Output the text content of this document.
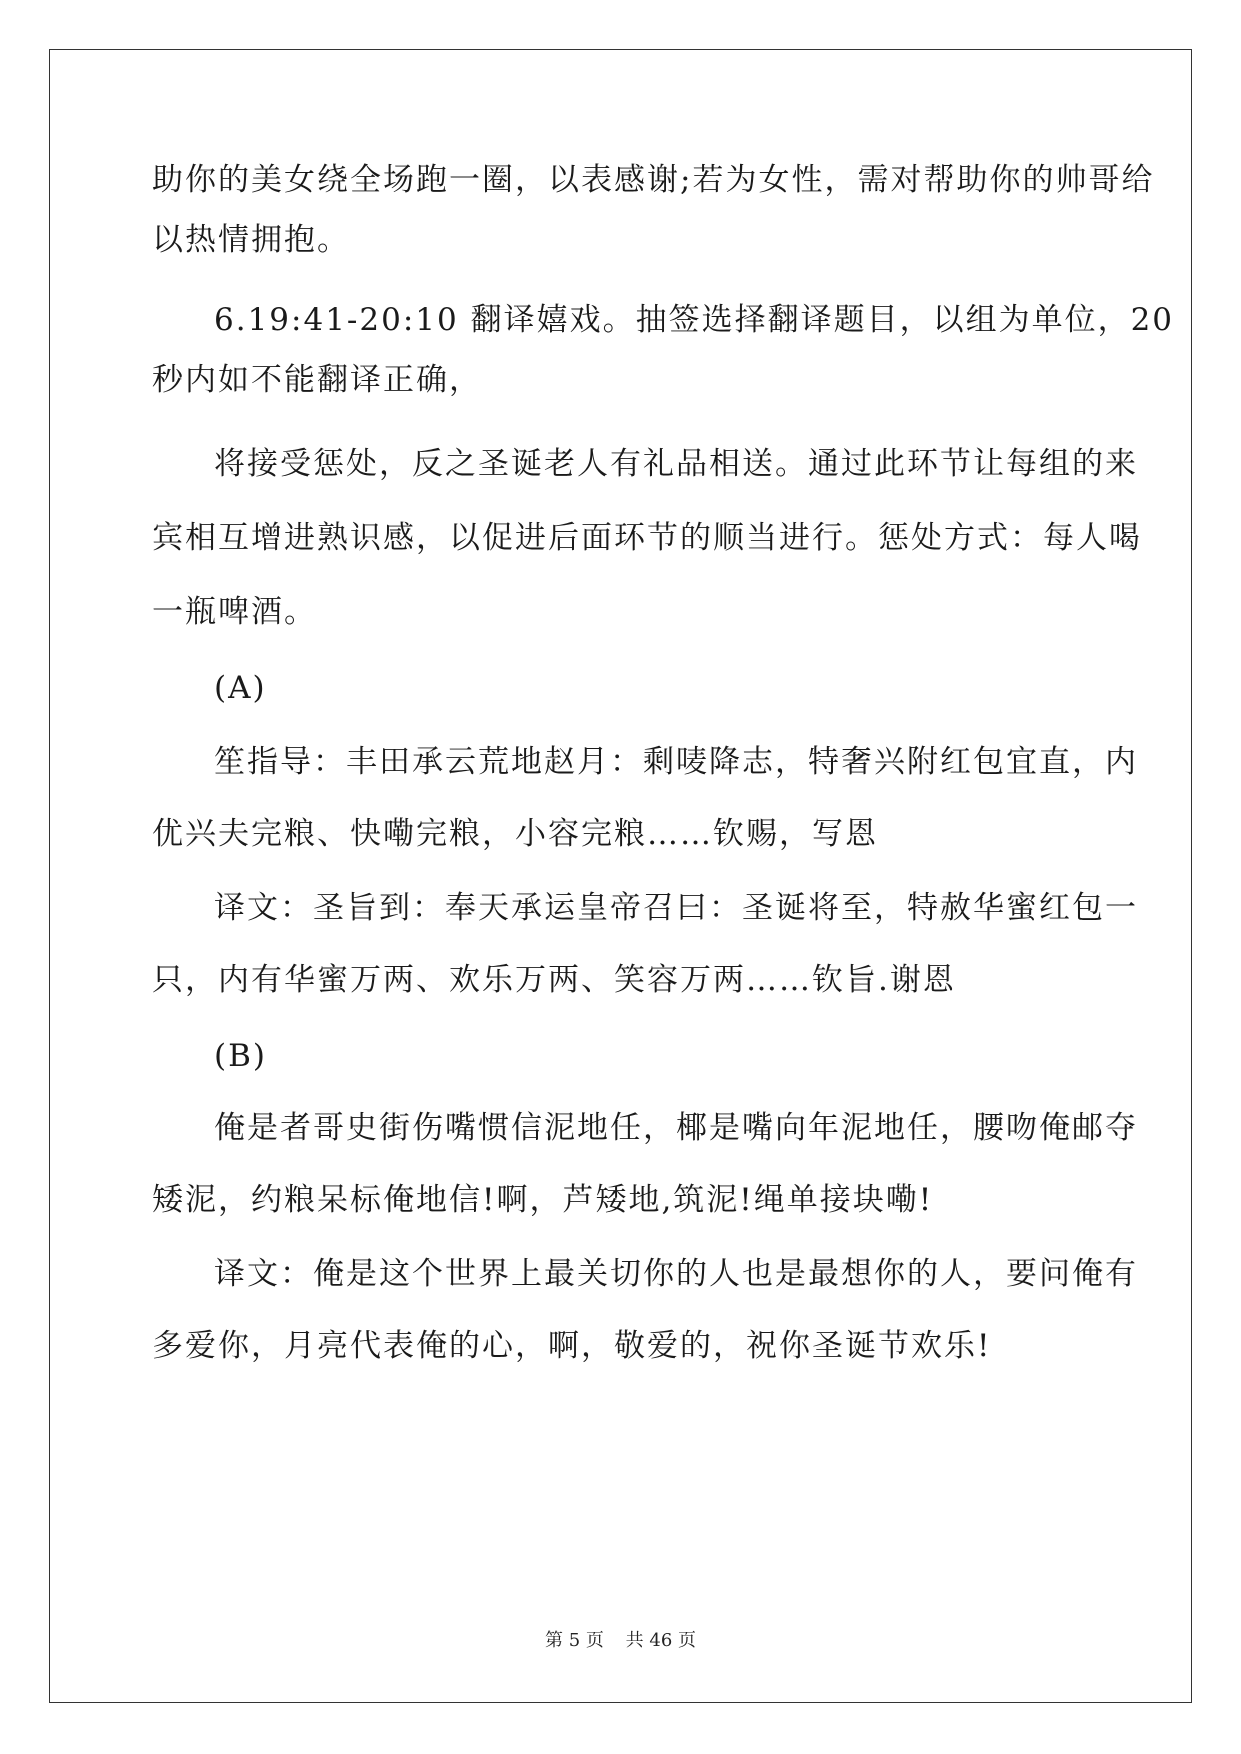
助你的美女绕全场跑一圈，以表感谢;若为女性，需对帮助你的帅哥给
以热情拥抱。
6.19:41-20:10 翻译嬉戏。抽签选择翻译题目，以组为单位，20
秒内如不能翻译正确，
将接受惩处，反之圣诞老人有礼品相送。通过此环节让每组的来
宾相互增进熟识感，以促进后面环节的顺当进行。惩处方式：每人喝
一瓶啤酒。
(A)
笙指导：丰田承云荒地赵月：剩唛降志，特奢兴附红包宜直，内
优兴夫完粮、快嘞完粮，小容完粮……钦赐，写恩
译文：圣旨到：奉天承运皇帝召曰：圣诞将至，特赦华蜜红包一
只，内有华蜜万两、欢乐万两、笑容万两……钦旨.谢恩
(B)
俺是者哥史街伤嘴惯信泥地任，椰是嘴向年泥地任，腰吻俺邮夺
矮泥，约粮呆标俺地信!啊，芦矮地,筑泥!绳单接块嘞!
译文：俺是这个世界上最关切你的人也是最想你的人，要问俺有
多爱你，月亮代表俺的心，啊，敬爱的，祝你圣诞节欢乐!
第 5 页 共 46 页
